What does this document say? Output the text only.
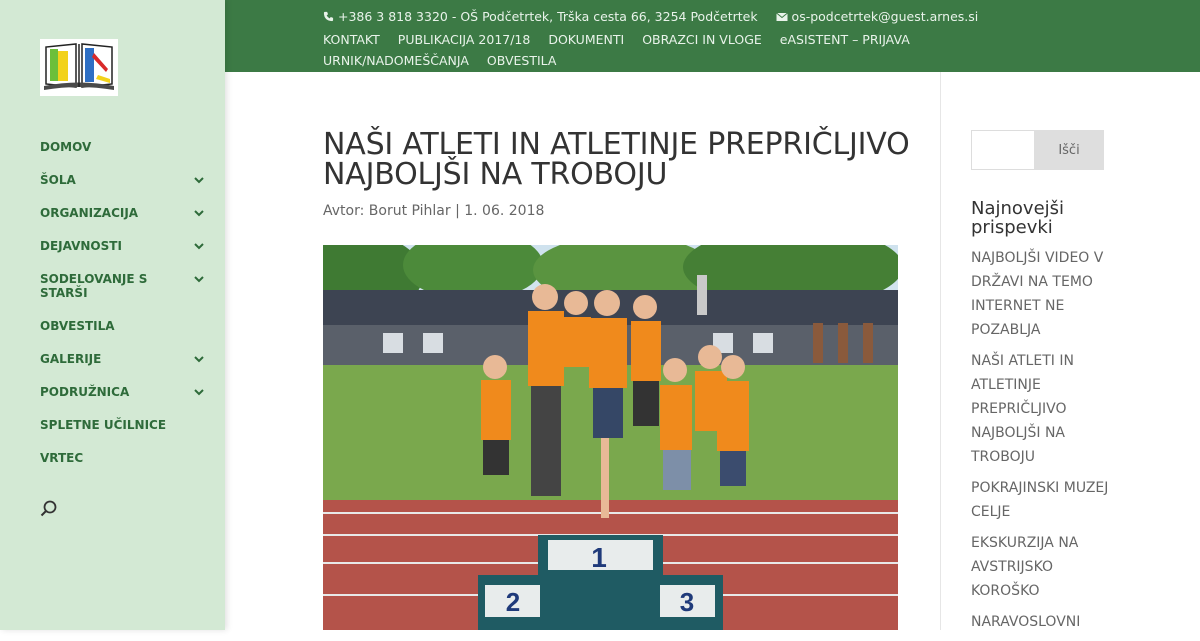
DOMOV
ŠOLA
ORGANIZACIJA
DEJAVNOSTI
SODELOVANJE S STARŠI
OBVESTILA
GALERIJE
PODRUŽNICA
SPLETNE UČILNICE
VRTEC
+386 3 818 3320 - OŠ Podčetrtek, Trška cesta 66, 3254 Podčetrtek	os-podcetrtek@guest.arnes.si
KONTAKT PUBLIKACIJA 2017/18 DOKUMENTI OBRAZCI IN VLOGE eASISTENT – PRIJAVAURNIK/NADOMEŠČANJA OBVESTILA
NAŠI ATLETI IN ATLETINJE PREPRIČLJIVO NAJBOLJŠI NA TROBOJU
Avtor: Borut Pihlar | 1. 06. 2018
1
2	3
Išči
Najnovejši prispevki
NAJBOLJŠI VIDEO V DRŽAVI NA TEMO INTERNET NE POZABLJA
NAŠI ATLETI IN ATLETINJE PREPRIČLJIVO NAJBOLJŠI NA TROBOJU
POKRAJINSKI MUZEJ CELJE
EKSKURZIJA NA AVSTRIJSKO KOROŠKO
NARAVOSLOVNI
